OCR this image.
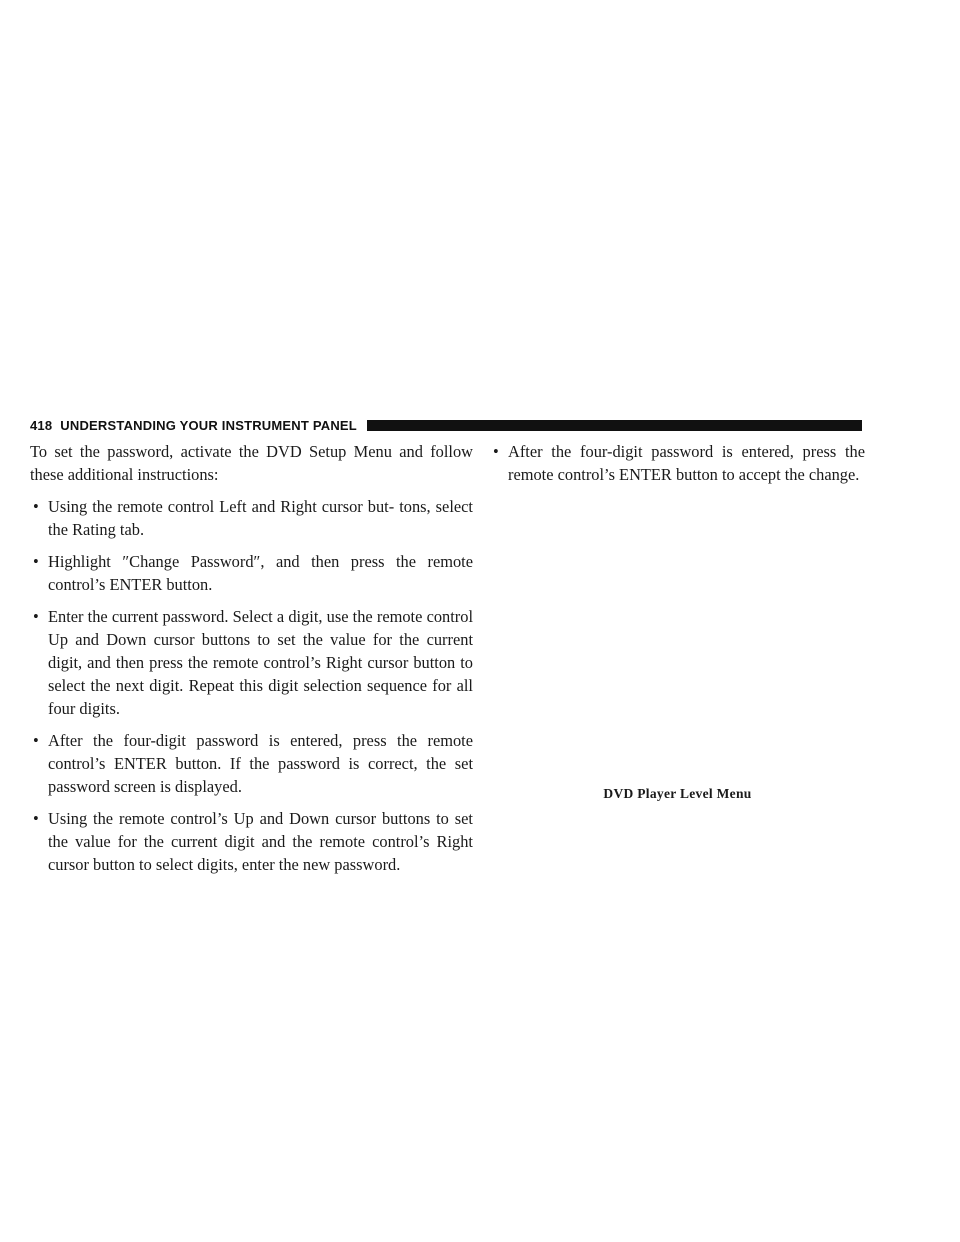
418 UNDERSTANDING YOUR INSTRUMENT PANEL

To set the password, activate the DVD Setup Menu and follow these additional instructions:

• Using the remote control Left and Right cursor but- tons, select the Rating tab.
• Highlight ″Change Password″, and then press the remote control’s ENTER button.
• Enter the current password. Select a digit, use the remote control Up and Down cursor buttons to set the value for the current digit, and then press the remote control’s Right cursor button to select the next digit. Repeat this digit selection sequence for all four digits.
• After the four-digit password is entered, press the remote control’s ENTER button. If the password is correct, the set password screen is displayed.
• Using the remote control’s Up and Down cursor buttons to set the value for the current digit and the remote control’s Right cursor button to select digits, enter the new password.
• After the four-digit password is entered, press the remote control’s ENTER button to accept the change.
DVD Player Level Menu
